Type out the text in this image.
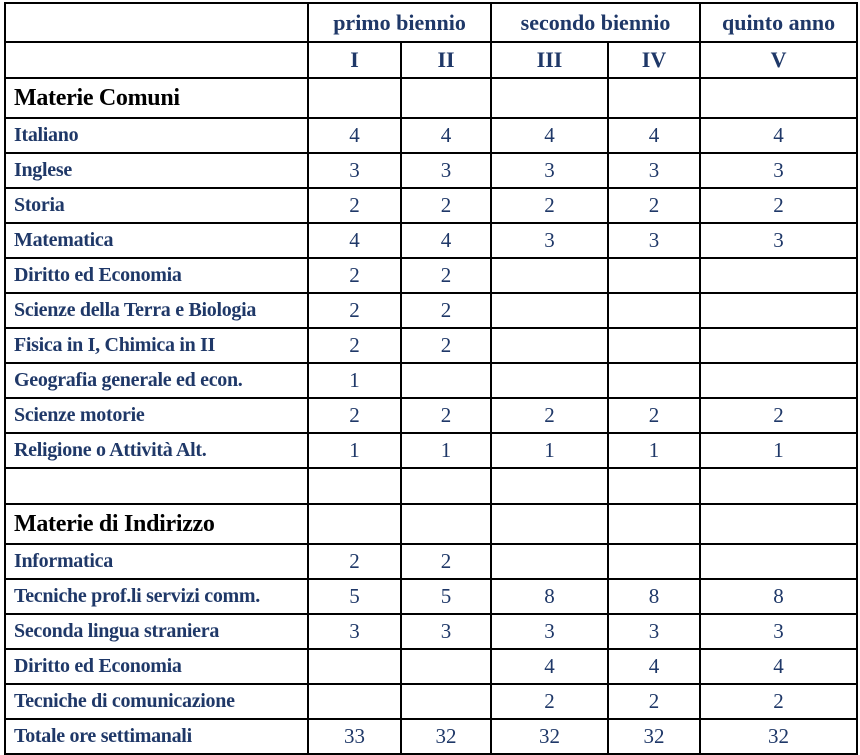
	primo biennio		secondo biennio		quinto anno
	I	II	III	IV	V
Materie Comuni					
Italiano	4	4	4	4	4
Inglese	3	3	3	3	3
Storia	2	2	2	2	2
Matematica	4	4	3	3	3
Diritto ed Economia	2	2			
Scienze della Terra e Biologia	2	2			
Fisica in I, Chimica in II	2	2			
Geografia generale ed econ.	1				
Scienze motorie	2	2	2	2	2
Religione o Attività Alt.	1	1	1	1	1

Materie di Indirizzo					
Informatica	2	2			
Tecniche prof.li servizi comm.	5	5	8	8	8
Seconda lingua straniera	3	3	3	3	3
Diritto ed Economia			4	4	4
Tecniche di comunicazione			2	2	2
Totale ore settimanali	33	32	32	32	32
